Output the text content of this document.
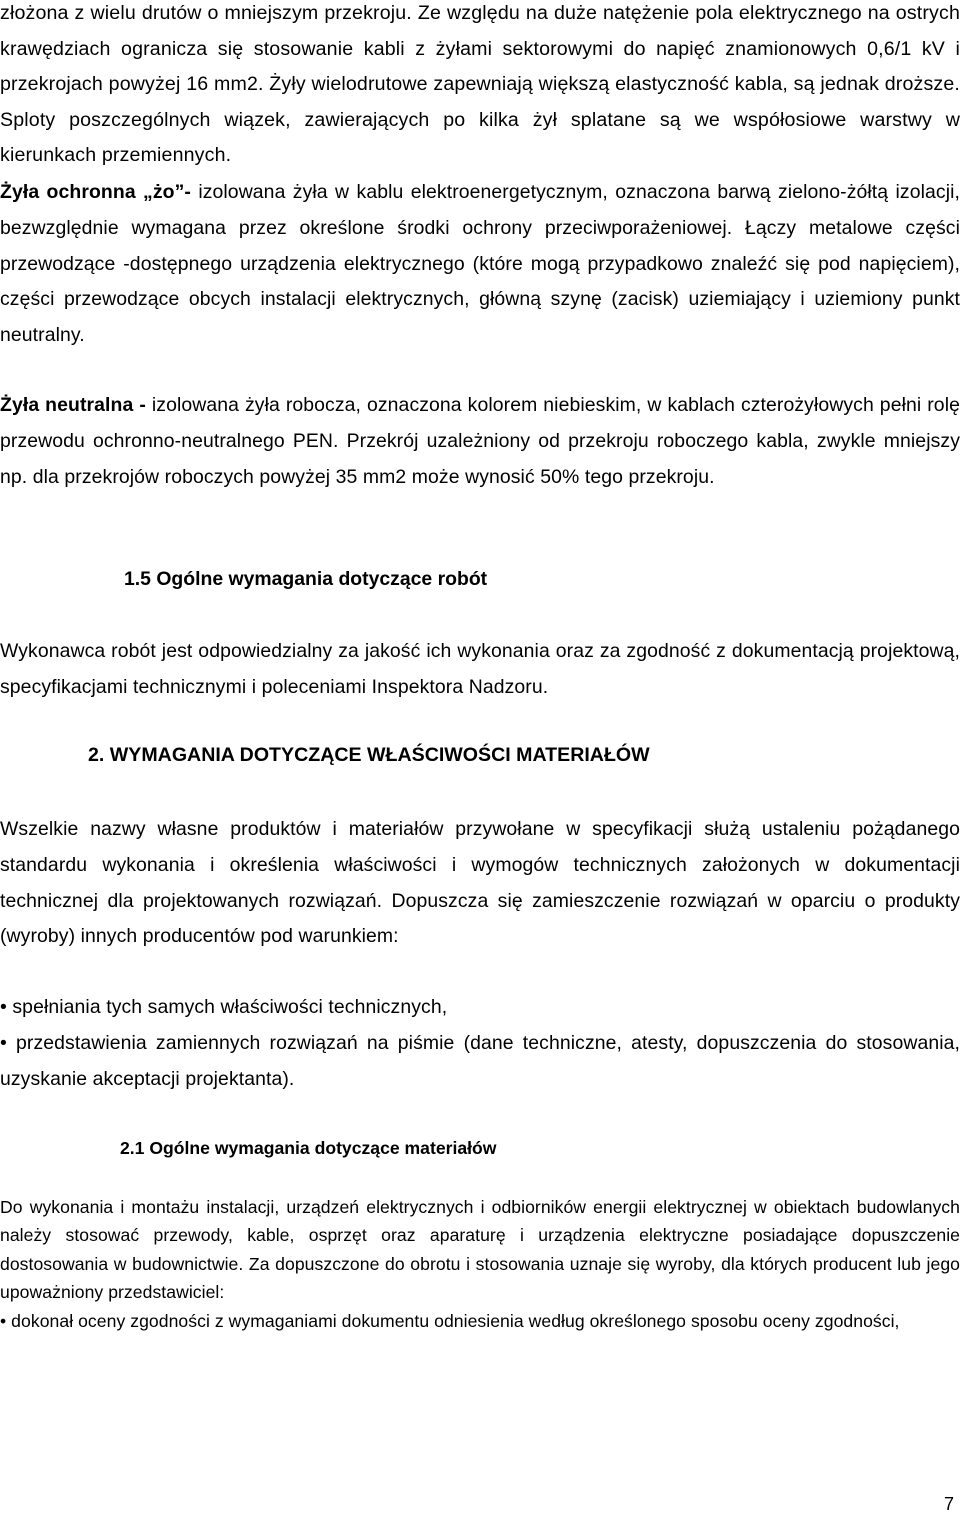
złożona z wielu drutów o mniejszym przekroju. Ze względu na duże natężenie pola elektrycznego na ostrych krawędziach ogranicza się stosowanie kabli z żyłami sektorowymi do napięć znamionowych 0,6/1 kV i przekrojach powyżej 16 mm2. Żyły wielodrutowe zapewniają większą elastyczność kabla, są jednak droższe. Sploty poszczególnych wiązek, zawierających po kilka żył splatane są we współosiowe warstwy w kierunkach przemiennych.

Żyła ochronna „żo”- izolowana żyła w kablu elektroenergetycznym, oznaczona barwą zielono-żółtą izolacji, bezwzględnie wymagana przez określone środki ochrony przeciwporażeniowej. Łączy metalowe części przewodzące -dostępnego urządzenia elektrycznego (które mogą przypadkowo znaleźć się pod napięciem), części przewodzące obcych instalacji elektrycznych, główną szynę (zacisk) uziemiający i uziemiony punkt neutralny.

Żyła neutralna - izolowana żyła robocza, oznaczona kolorem niebieskim, w kablach czterożyłowych pełni rolę przewodu ochronno-neutralnego PEN. Przekrój uzależniony od przekroju roboczego kabla, zwykle mniejszy np. dla przekrojów roboczych powyżej 35 mm2 może wynosić 50% tego przekroju.

1.5 Ogólne wymagania dotyczące robót

Wykonawca robót jest odpowiedzialny za jakość ich wykonania oraz za zgodność z dokumentacją projektową, specyfikacjami technicznymi i poleceniami Inspektora Nadzoru.

2. WYMAGANIA DOTYCZĄCE WŁAŚCIWOŚCI MATERIAŁÓW

Wszelkie nazwy własne produktów i materiałów przywołane w specyfikacji służą ustaleniu pożądanego standardu wykonania i określenia właściwości i wymogów technicznych założonych w dokumentacji technicznej dla projektowanych rozwiązań. Dopuszcza się zamieszczenie rozwiązań w oparciu o produkty (wyroby) innych producentów pod warunkiem:

• spełniania tych samych właściwości technicznych,

• przedstawienia zamiennych rozwiązań na piśmie (dane techniczne, atesty, dopuszczenia do stosowania, uzyskanie akceptacji projektanta).

2.1 Ogólne wymagania dotyczące materiałów

Do wykonania i montażu instalacji, urządzeń elektrycznych i odbiorników energii elektrycznej w obiektach budowlanych należy stosować przewody, kable, osprzęt oraz aparaturę i urządzenia elektryczne posiadające dopuszczenie dostosowania w budownictwie. Za dopuszczone do obrotu i stosowania uznaje się wyroby, dla których producent lub jego upoważniony przedstawiciel:

• dokonał oceny zgodności z wymaganiami dokumentu odniesienia według określonego sposobu oceny zgodności,

7
